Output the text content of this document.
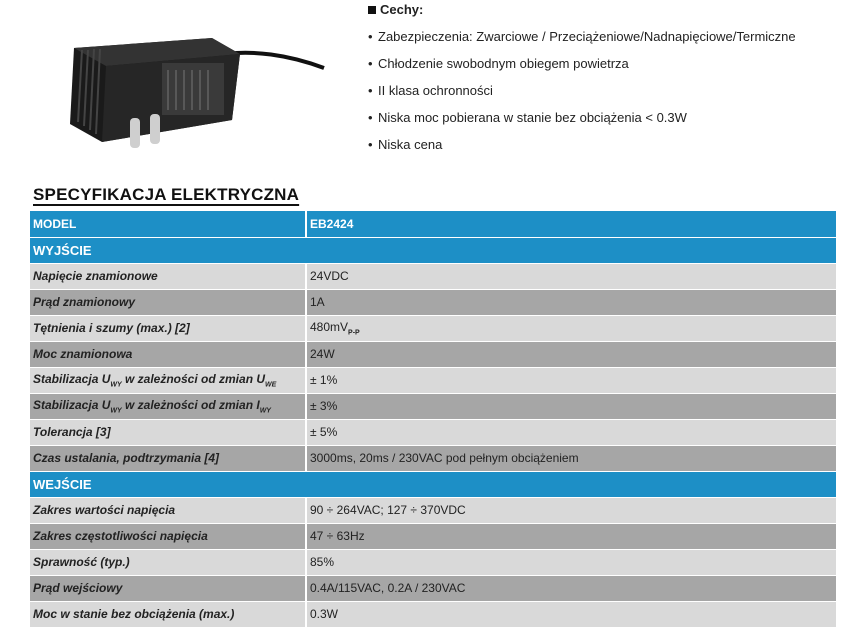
Cechy:
• Zabezpieczenia: Zwarciowe / Przeciążeniowe/Nadnapięciowe/Termiczne
• Chłodzenie swobodnym obiegem powietrza
• II klasa ochronności
• Niska moc pobierana w stanie bez obciążenia < 0.3W
• Niska cena
SPECYFIKACJA ELEKTRYCZNA
MODEL	EB2424
WYJŚCIE	
Napięcie znamionowe	24VDC
Prąd znamionowy	1A
Tętnienia i szumy (max.) [2]	$480mV_{P-P}$
Moc znamionowa	24W
Stabilizacja $U_{WY}$ w zależności od zmian $U_{WE}$	± 1%
Stabilizacja $U_{WY}$ w zależności od zmian $I_{WY}$	± 3%
Tolerancja [3]	± 5%
Czas ustalania, podtrzymania [4]	3000ms, 20ms / 230VAC pod pełnym obciążeniem
WEJŚCIE	
Zakres wartości napięcia	90 ÷ 264VAC; 127 ÷ 370VDC
Zakres częstotliwości napięcia	47 ÷ 63Hz
Sprawność (typ.)	85%
Prąd wejściowy	0.4A/115VAC, 0.2A / 230VAC
Moc w stanie bez obciążenia (max.)	0.3W
